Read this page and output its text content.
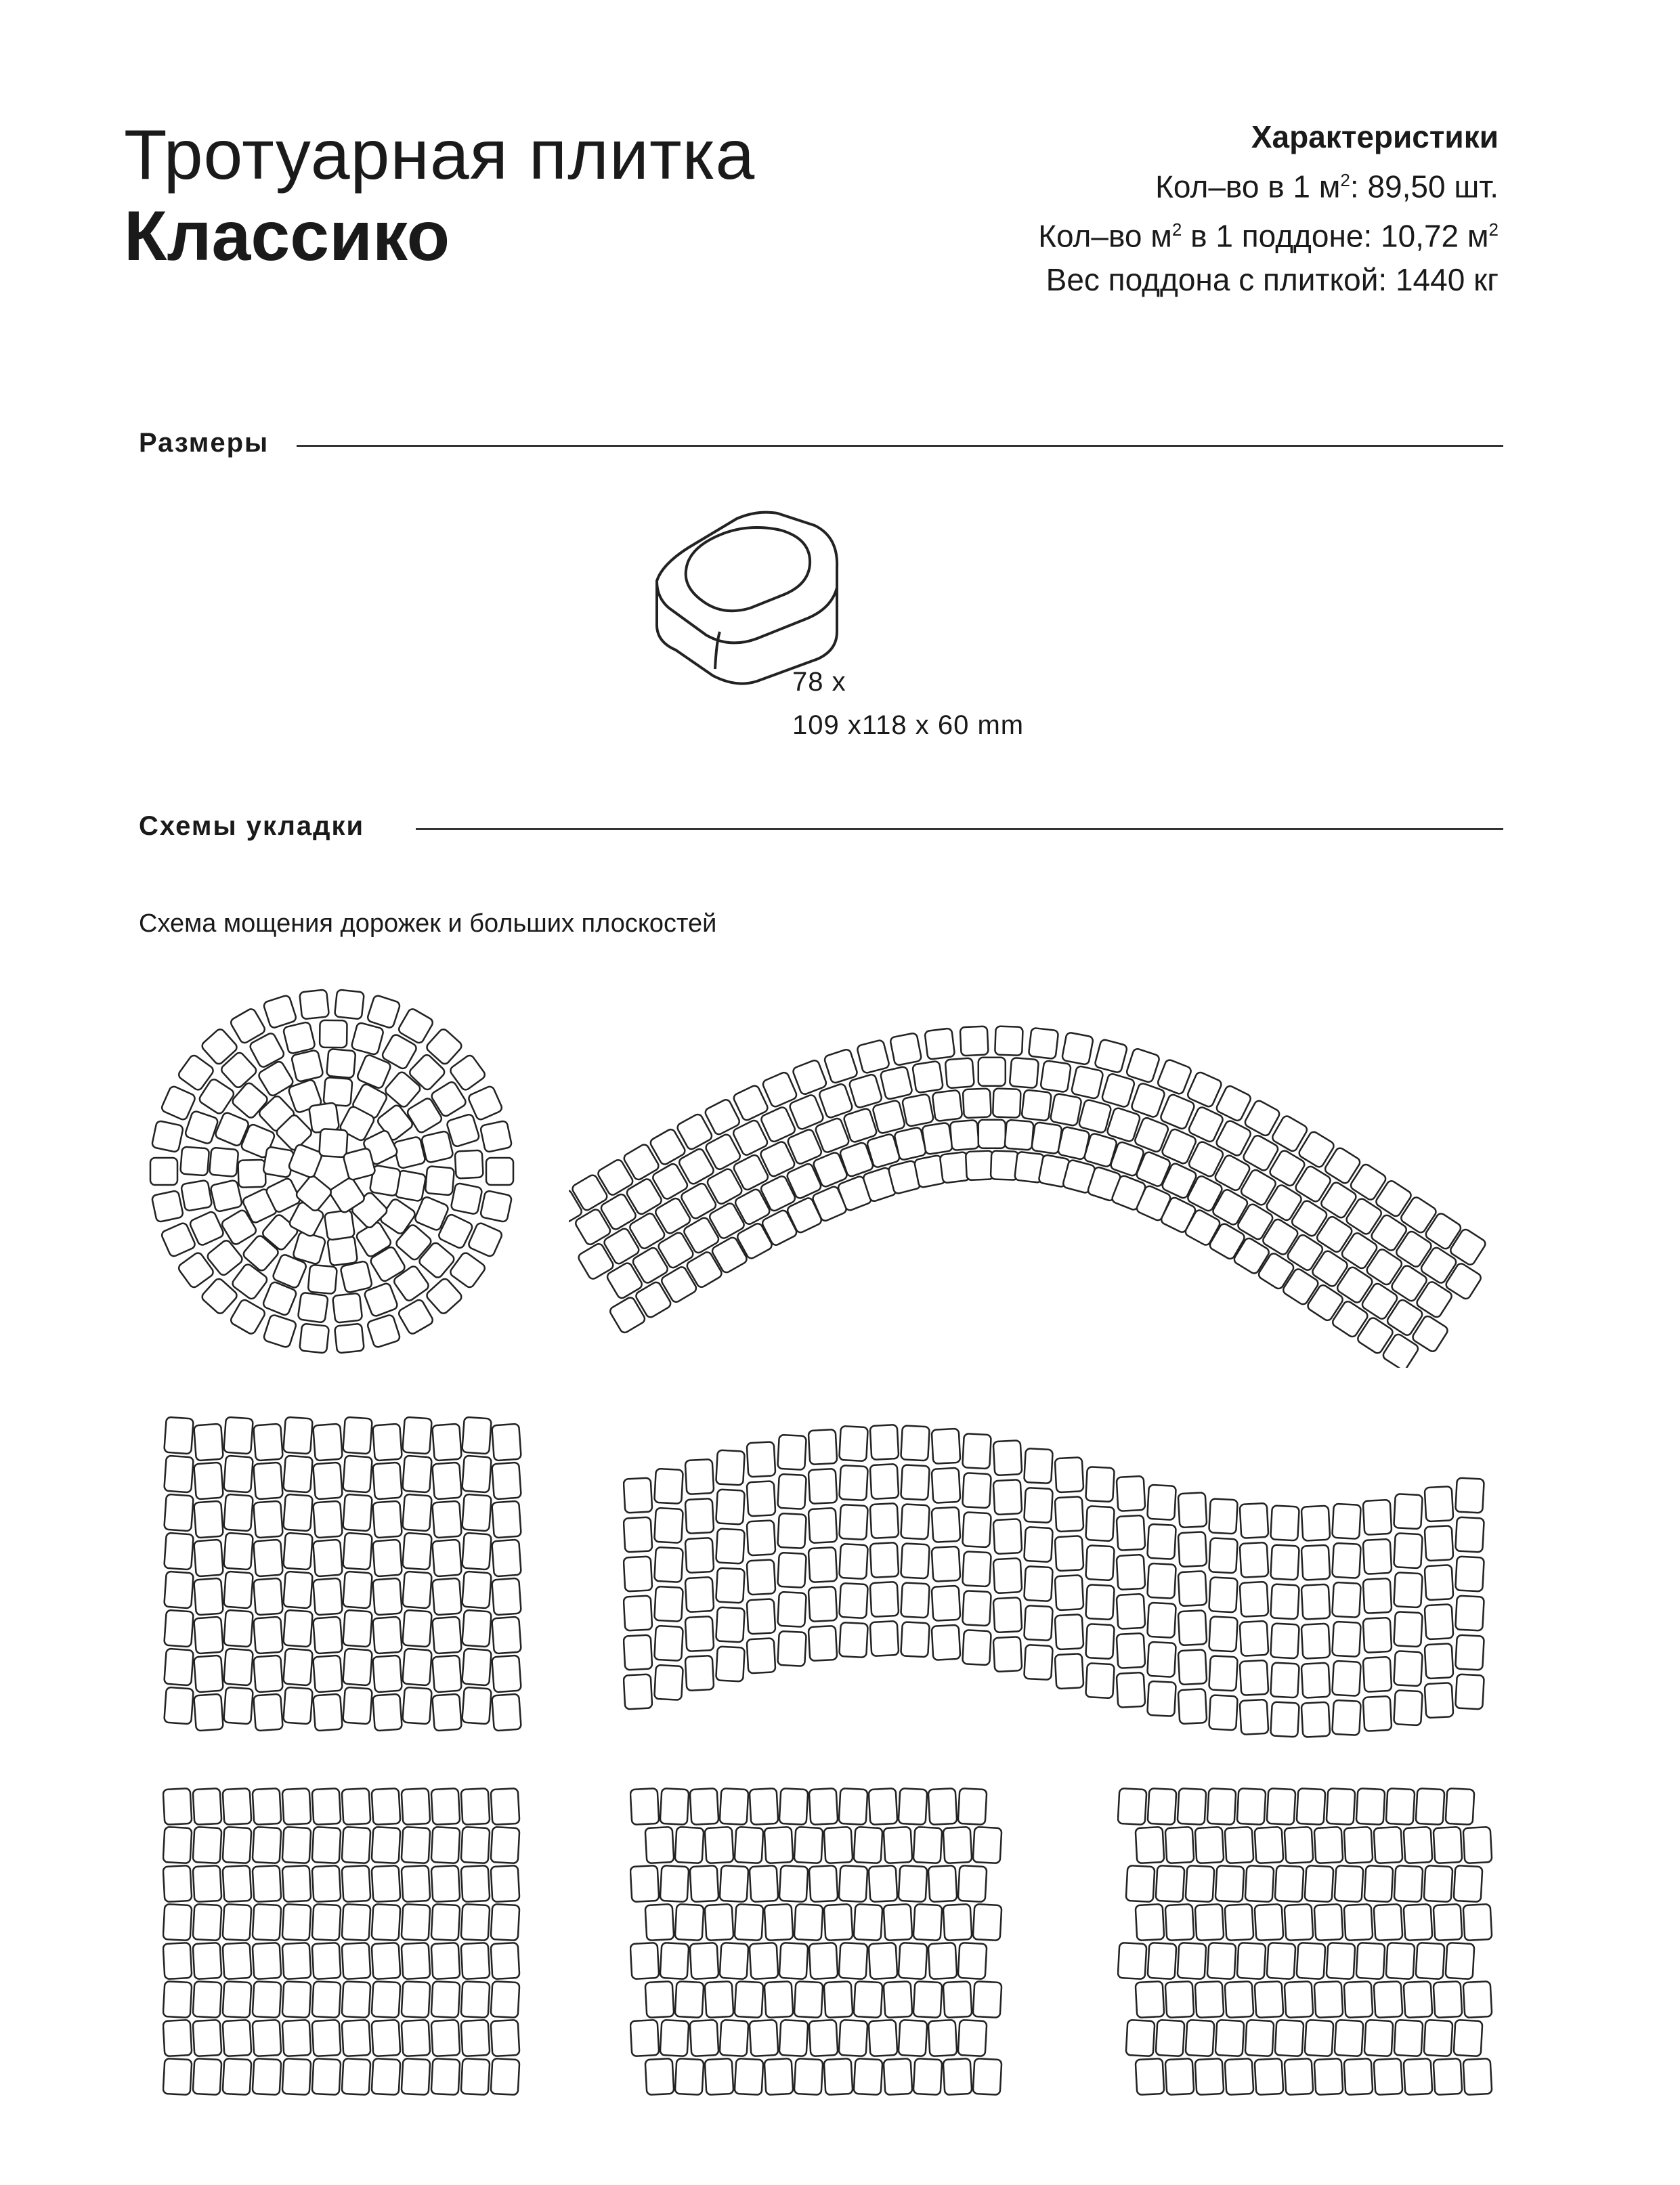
Тротуарная плитка
Классико
Характеристики
Кол–во в 1 $м^2$: 89,50 шт.
Кол–во $м^2$ в 1 поддоне: 10,72 $м^2$
Вес поддона с плиткой: 1440 кг
Размеры
78 x
109 x118 x 60 mm
Схемы укладки
Схема мощения дорожек и больших плоскостей
